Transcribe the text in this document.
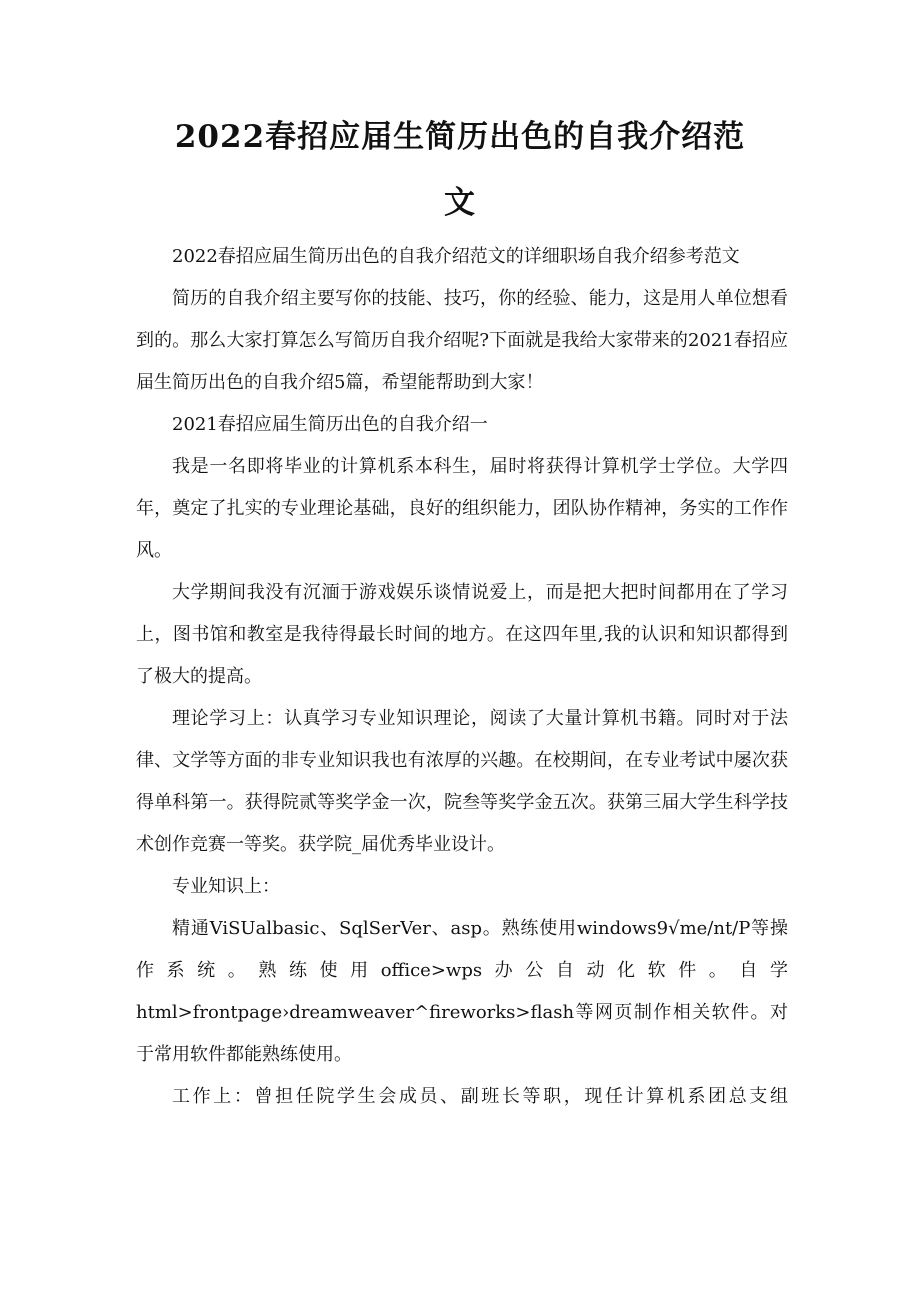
2022春招应届生简历出色的自我介绍范
文

2022春招应届生简历出色的自我介绍范文的详细职场自我介绍参考范文

简历的自我介绍主要写你的技能、技巧，你的经验、能力，这是用人单位想看到的。那么大家打算怎么写简历自我介绍呢?下面就是我给大家带来的2021春招应届生简历出色的自我介绍5篇，希望能帮助到大家！

2021春招应届生简历出色的自我介绍一

我是一名即将毕业的计算机系本科生，届时将获得计算机学士学位。大学四年，奠定了扎实的专业理论基础，良好的组织能力，团队协作精神，务实的工作作风。

大学期间我没有沉湎于游戏娱乐谈情说爱上，而是把大把时间都用在了学习上，图书馆和教室是我待得最长时间的地方。在这四年里,我的认识和知识都得到了极大的提高。

理论学习上：认真学习专业知识理论，阅读了大量计算机书籍。同时对于法律、文学等方面的非专业知识我也有浓厚的兴趣。在校期间，在专业考试中屡次获得单科第一。获得院贰等奖学金一次，院叁等奖学金五次。获第三届大学生科学技术创作竞赛一等奖。获学院_届优秀毕业设计。

专业知识上：

精通ViSUalbasic、SqlSerVer、asp。熟练使用windows9√me∕nt∕P等操作系统。熟练使用office>wps办公自动化软件。自学html>frontpage›dreamweaver^fireworks>flash等网页制作相关软件。对于常用软件都能熟练使用。

工作上：曾担任院学生会成员、副班长等职，现任计算机系团总支组
